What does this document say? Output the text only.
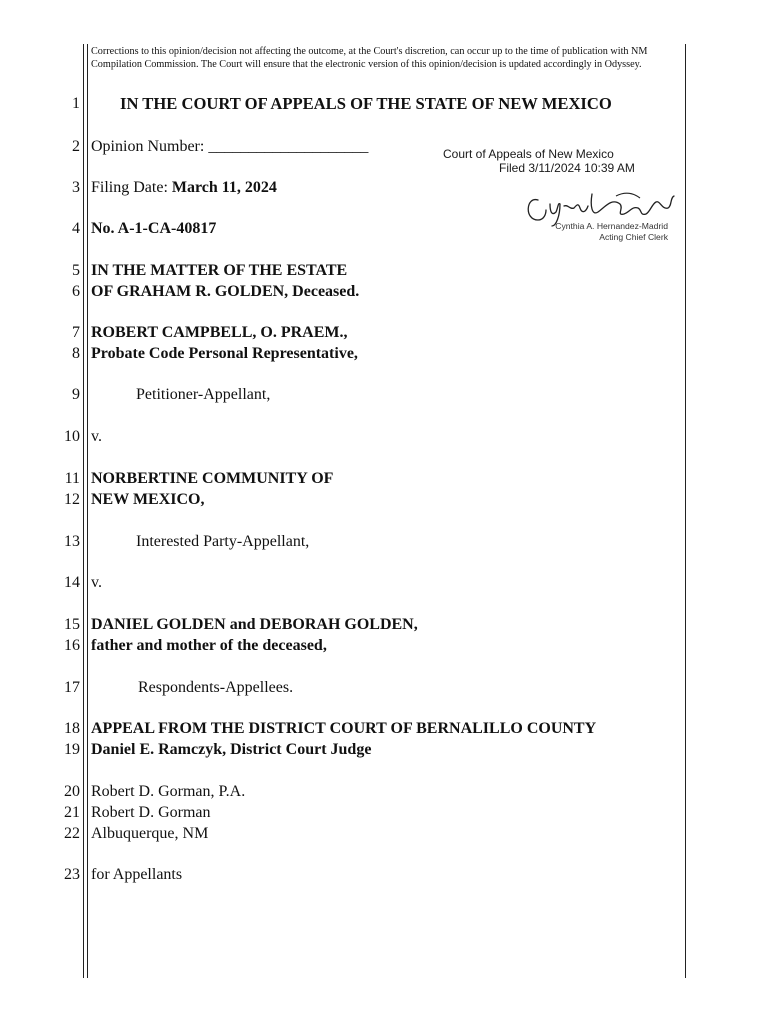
Corrections to this opinion/decision not affecting the outcome, at the Court's discretion, can occur up to the time of publication with NM Compilation Commission. The Court will ensure that the electronic version of this opinion/decision is updated accordingly in Odyssey.
Court of Appeals of New Mexico
Filed 3/11/2024 10:39 AM
Cynthia A. Hernandez-Madrid
Acting Chief Clerk
1
2
3
4
5
6
7
8
9
10
11
12
13
14
15
16
17
18
19
20
21
22
23
IN THE COURT OF APPEALS OF THE STATE OF NEW MEXICO
Opinion Number: ____________________
Filing Date: March 11, 2024
No. A-1-CA-40817
IN THE MATTER OF THE ESTATE
OF GRAHAM R. GOLDEN, Deceased.
ROBERT CAMPBELL, O. PRAEM.,
Probate Code Personal Representative,
Petitioner-Appellant,
v.
NORBERTINE COMMUNITY OF
NEW MEXICO,
Interested Party-Appellant,
v.
DANIEL GOLDEN and DEBORAH GOLDEN,
father and mother of the deceased,
Respondents-Appellees.
APPEAL FROM THE DISTRICT COURT OF BERNALILLO COUNTY
Daniel E. Ramczyk, District Court Judge
Robert D. Gorman, P.A.
Robert D. Gorman
Albuquerque, NM
for Appellants
